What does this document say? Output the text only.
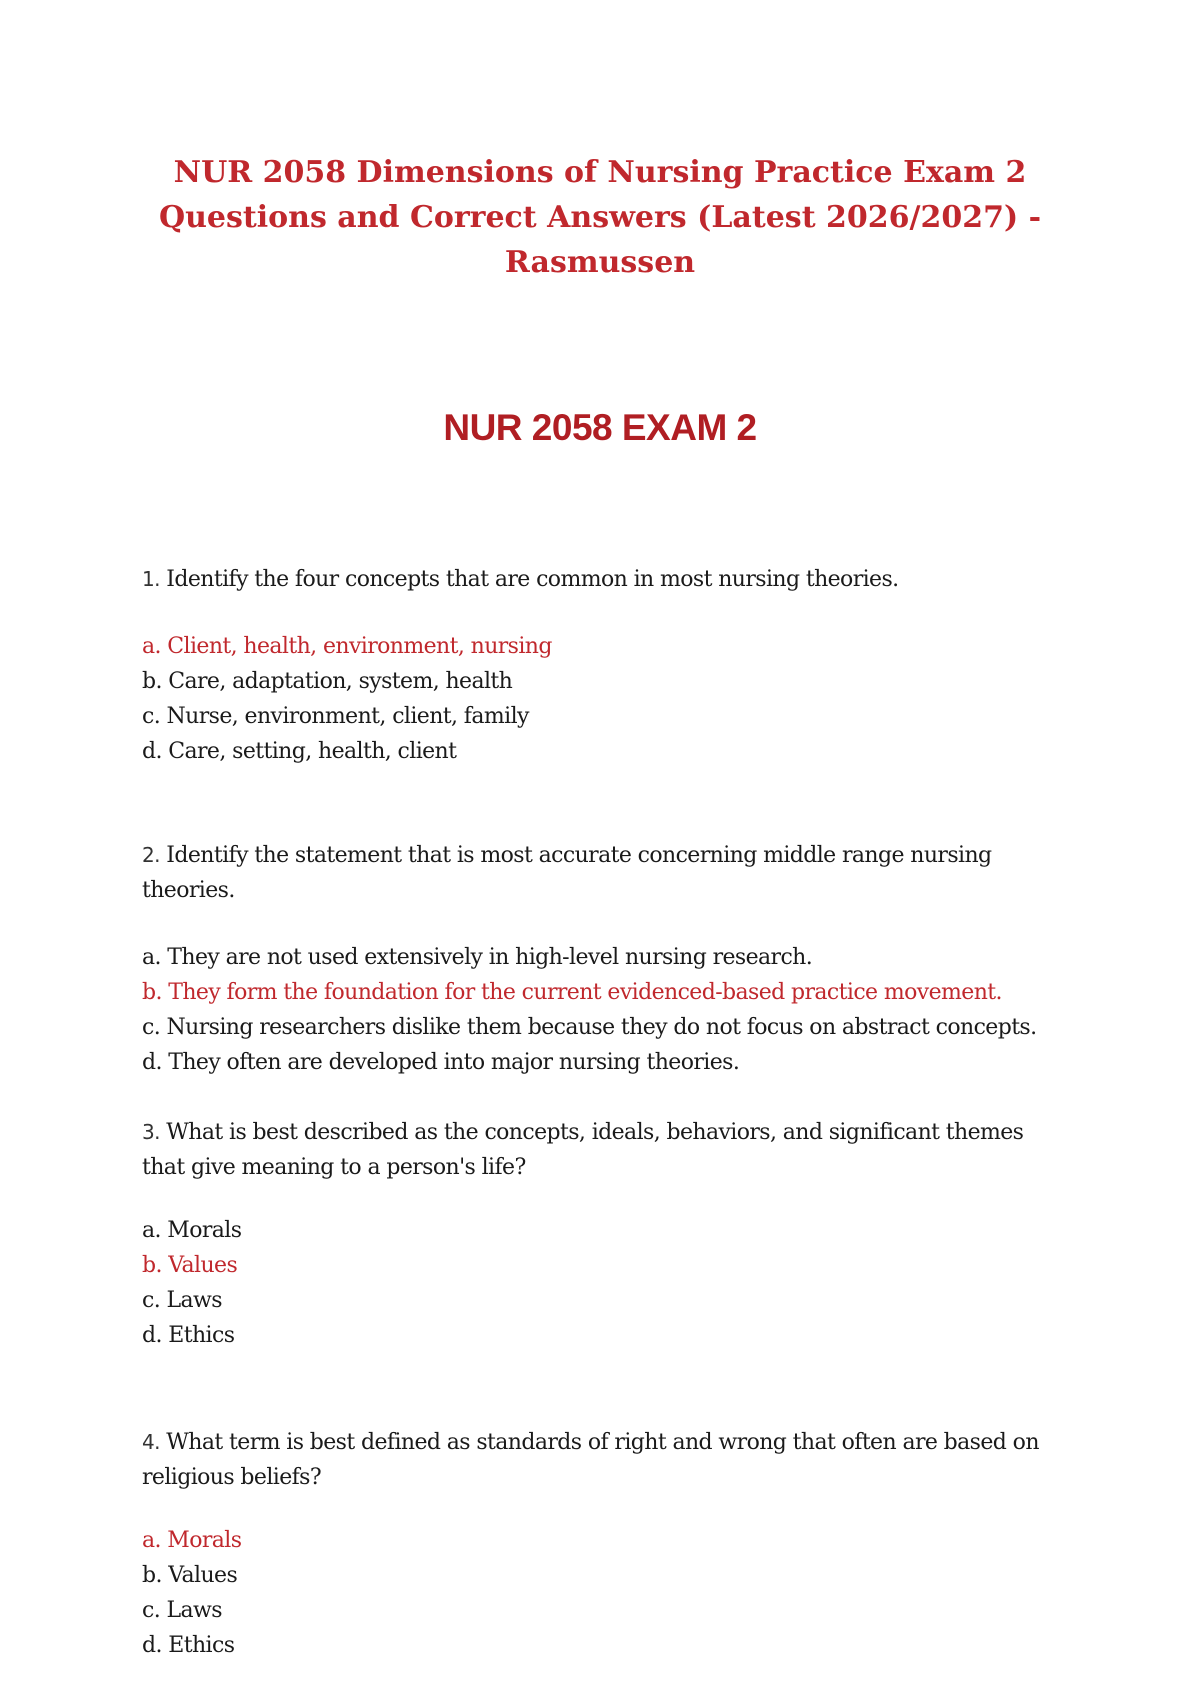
NUR 2058 Dimensions of Nursing Practice Exam 2 Questions and Correct Answers (Latest 2026/2027) - Rasmussen
NUR 2058 EXAM 2

1. Identify the four concepts that are common in most nursing theories.

a. Client, health, environment, nursing
b. Care, adaptation, system, health
c. Nurse, environment, client, family
d. Care, setting, health, client

2. Identify the statement that is most accurate concerning middle range nursing theories.

a. They are not used extensively in high-level nursing research.
b. They form the foundation for the current evidenced-based practice movement.
c. Nursing researchers dislike them because they do not focus on abstract concepts.
d. They often are developed into major nursing theories.

3. What is best described as the concepts, ideals, behaviors, and significant themes that give meaning to a person's life?

a. Morals
b. Values
c. Laws
d. Ethics

4. What term is best defined as standards of right and wrong that often are based on religious beliefs?

a. Morals
b. Values
c. Laws
d. Ethics
